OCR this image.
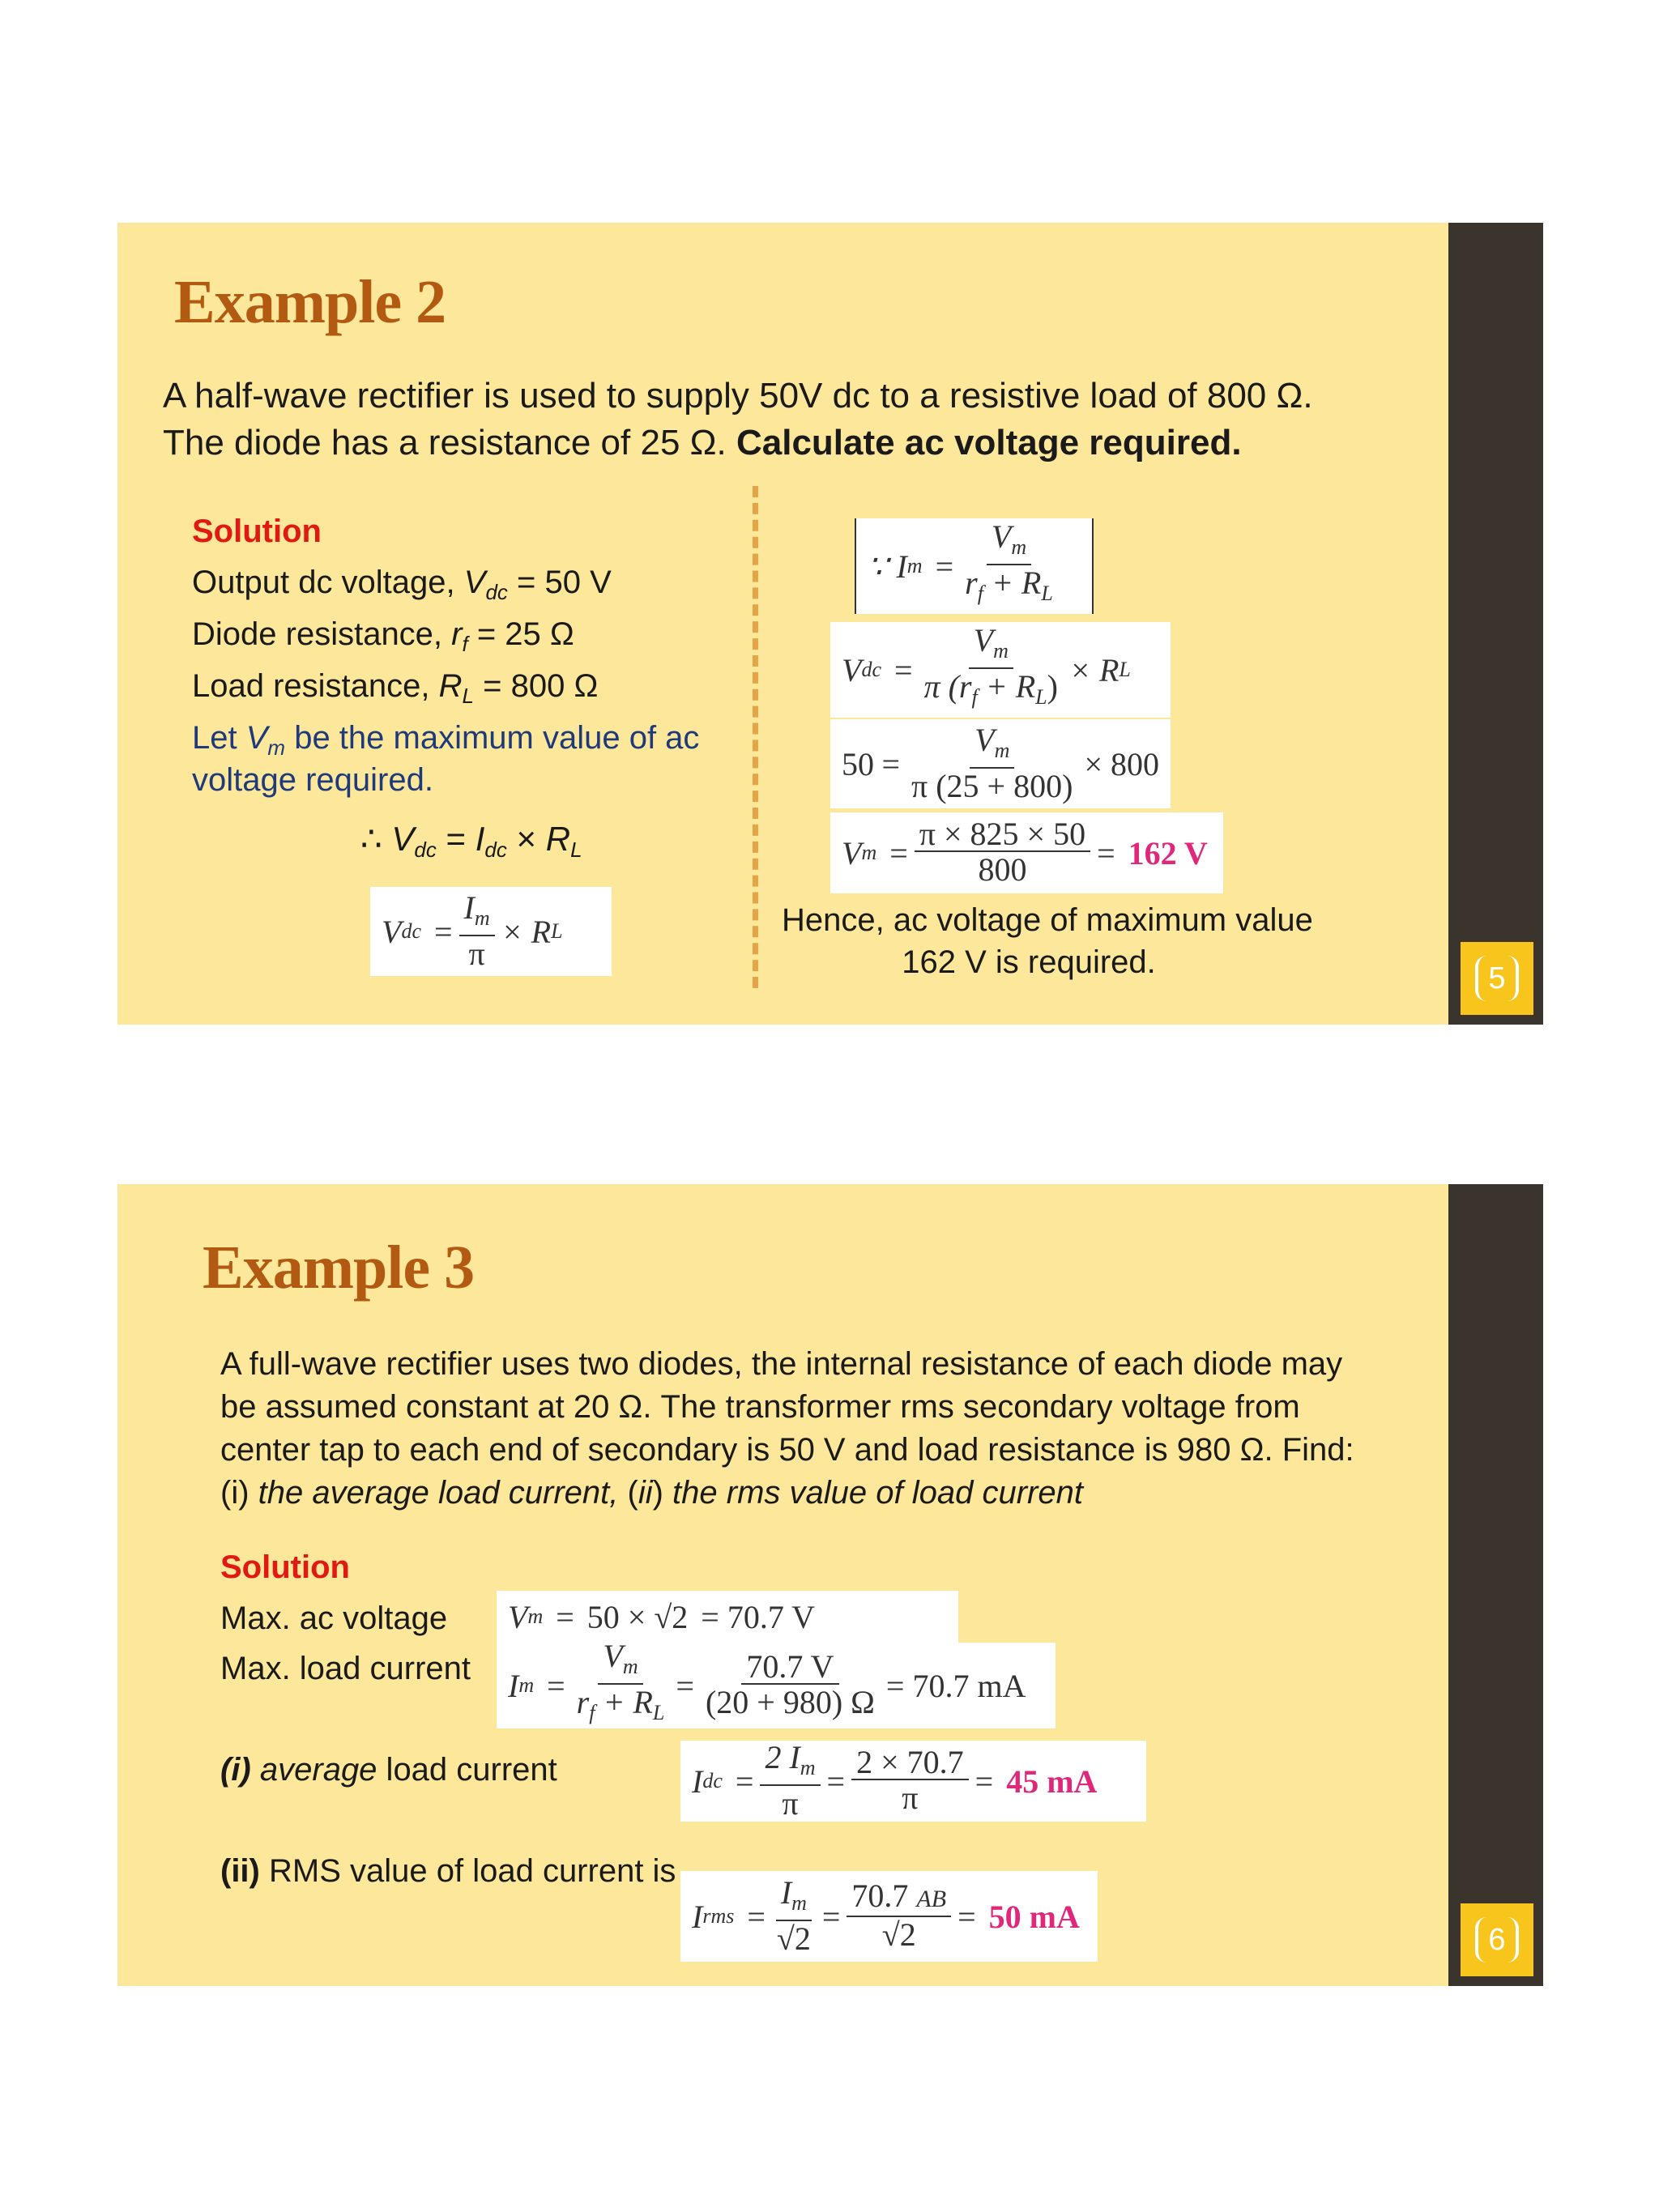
5
Example 2
A half-wave rectifier is used to supply 50V dc to a resistive load of 800 Ω.
The diode has a resistance of 25 Ω. Calculate ac voltage required.
Solution
Output dc voltage, $V_{dc} = 50$ V
Diode resistance, $r_f = 25$ Ω
Load resistance, $R_L = 800$ Ω
Let $V_m$ be the maximum value of ac
voltage required.
∴ $V_{dc} = I_{dc} \times R_L$
V dc = $\frac{I_m}{\pi} \times R$ L
∵ I $m = \frac{V_m}{r_f + R_L}$
V dc = $\frac{V_m}{\pi (r_f + R_L)} \times R$ L
$50 = \frac{V_m}{\pi (25 + 800)} \times 800$
V $m = \frac{\pi \times 825 \times 50}{800} = 162$ V
Hence, ac voltage of maximum value
162 V is required.
6
Example 3
A full-wave rectifier uses two diodes, the internal resistance of each diode may
be assumed constant at 20 Ω. The transformer rms secondary voltage from
center tap to each end of secondary is 50 V and load resistance is 980 Ω. Find:
(i) the average load current, (ii) the rms value of load current
Solution
Max. ac voltage
Max. load current
V m = 50 × √2 = 70.7 V
I $m = \frac{V_m}{r_f + R_L} = \frac{70.7 V}{(20 + 980) \Omega} = 70.7$ mA
(i) average load current	I dc = $\frac{2 I_m}{\pi} = \frac{2 \times 70.7}{\pi} = 45$ mA
(ii) RMS value of load current is
I rms = $\frac{I_m}{√2} = \frac{70.7 AB}{√2} = 50$ mA
